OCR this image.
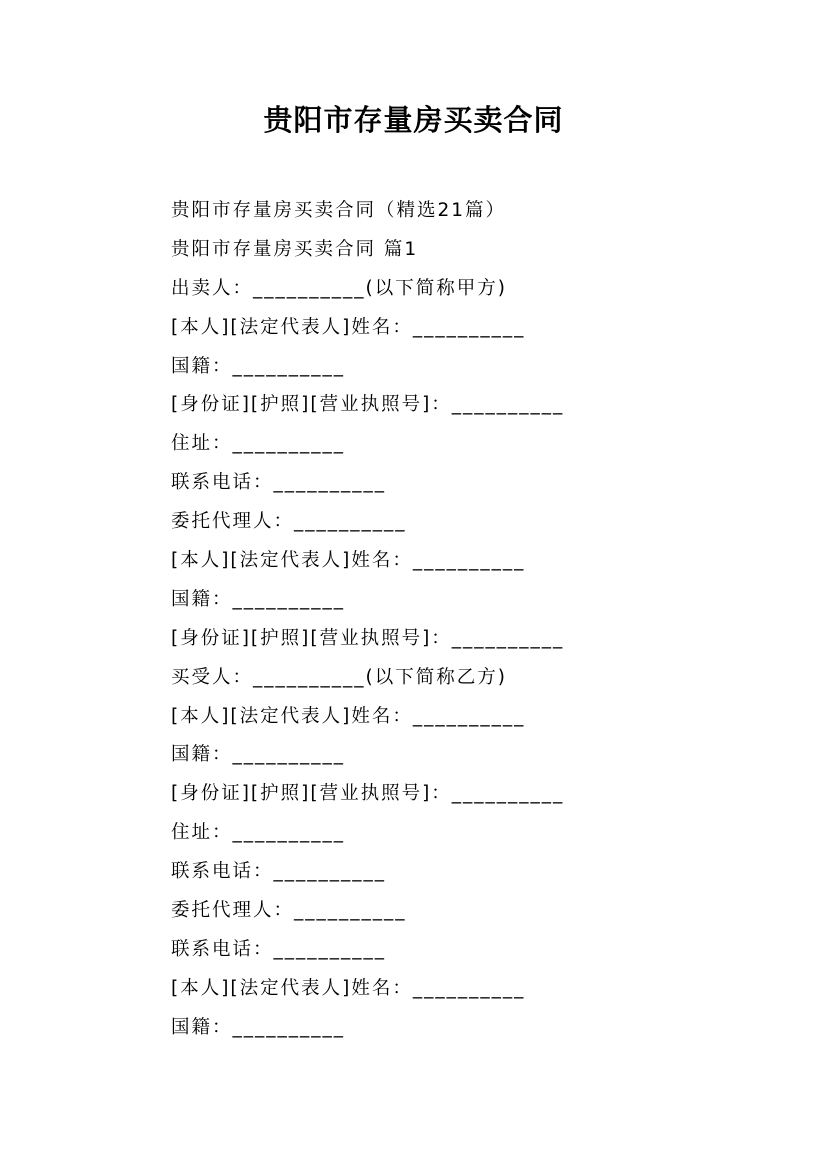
贵阳市存量房买卖合同
贵阳市存量房买卖合同（精选21篇）
贵阳市存量房买卖合同 篇1
出卖人：__________(以下简称甲方)
[本人][法定代表人]姓名：__________
国籍：__________
[身份证][护照][营业执照号]：__________
住址：__________
联系电话：__________
委托代理人：__________
[本人][法定代表人]姓名：__________
国籍：__________
[身份证][护照][营业执照号]：__________
买受人：__________(以下简称乙方)
[本人][法定代表人]姓名：__________
国籍：__________
[身份证][护照][营业执照号]：__________
住址：__________
联系电话：__________
委托代理人：__________
联系电话：__________
[本人][法定代表人]姓名：__________
国籍：__________
